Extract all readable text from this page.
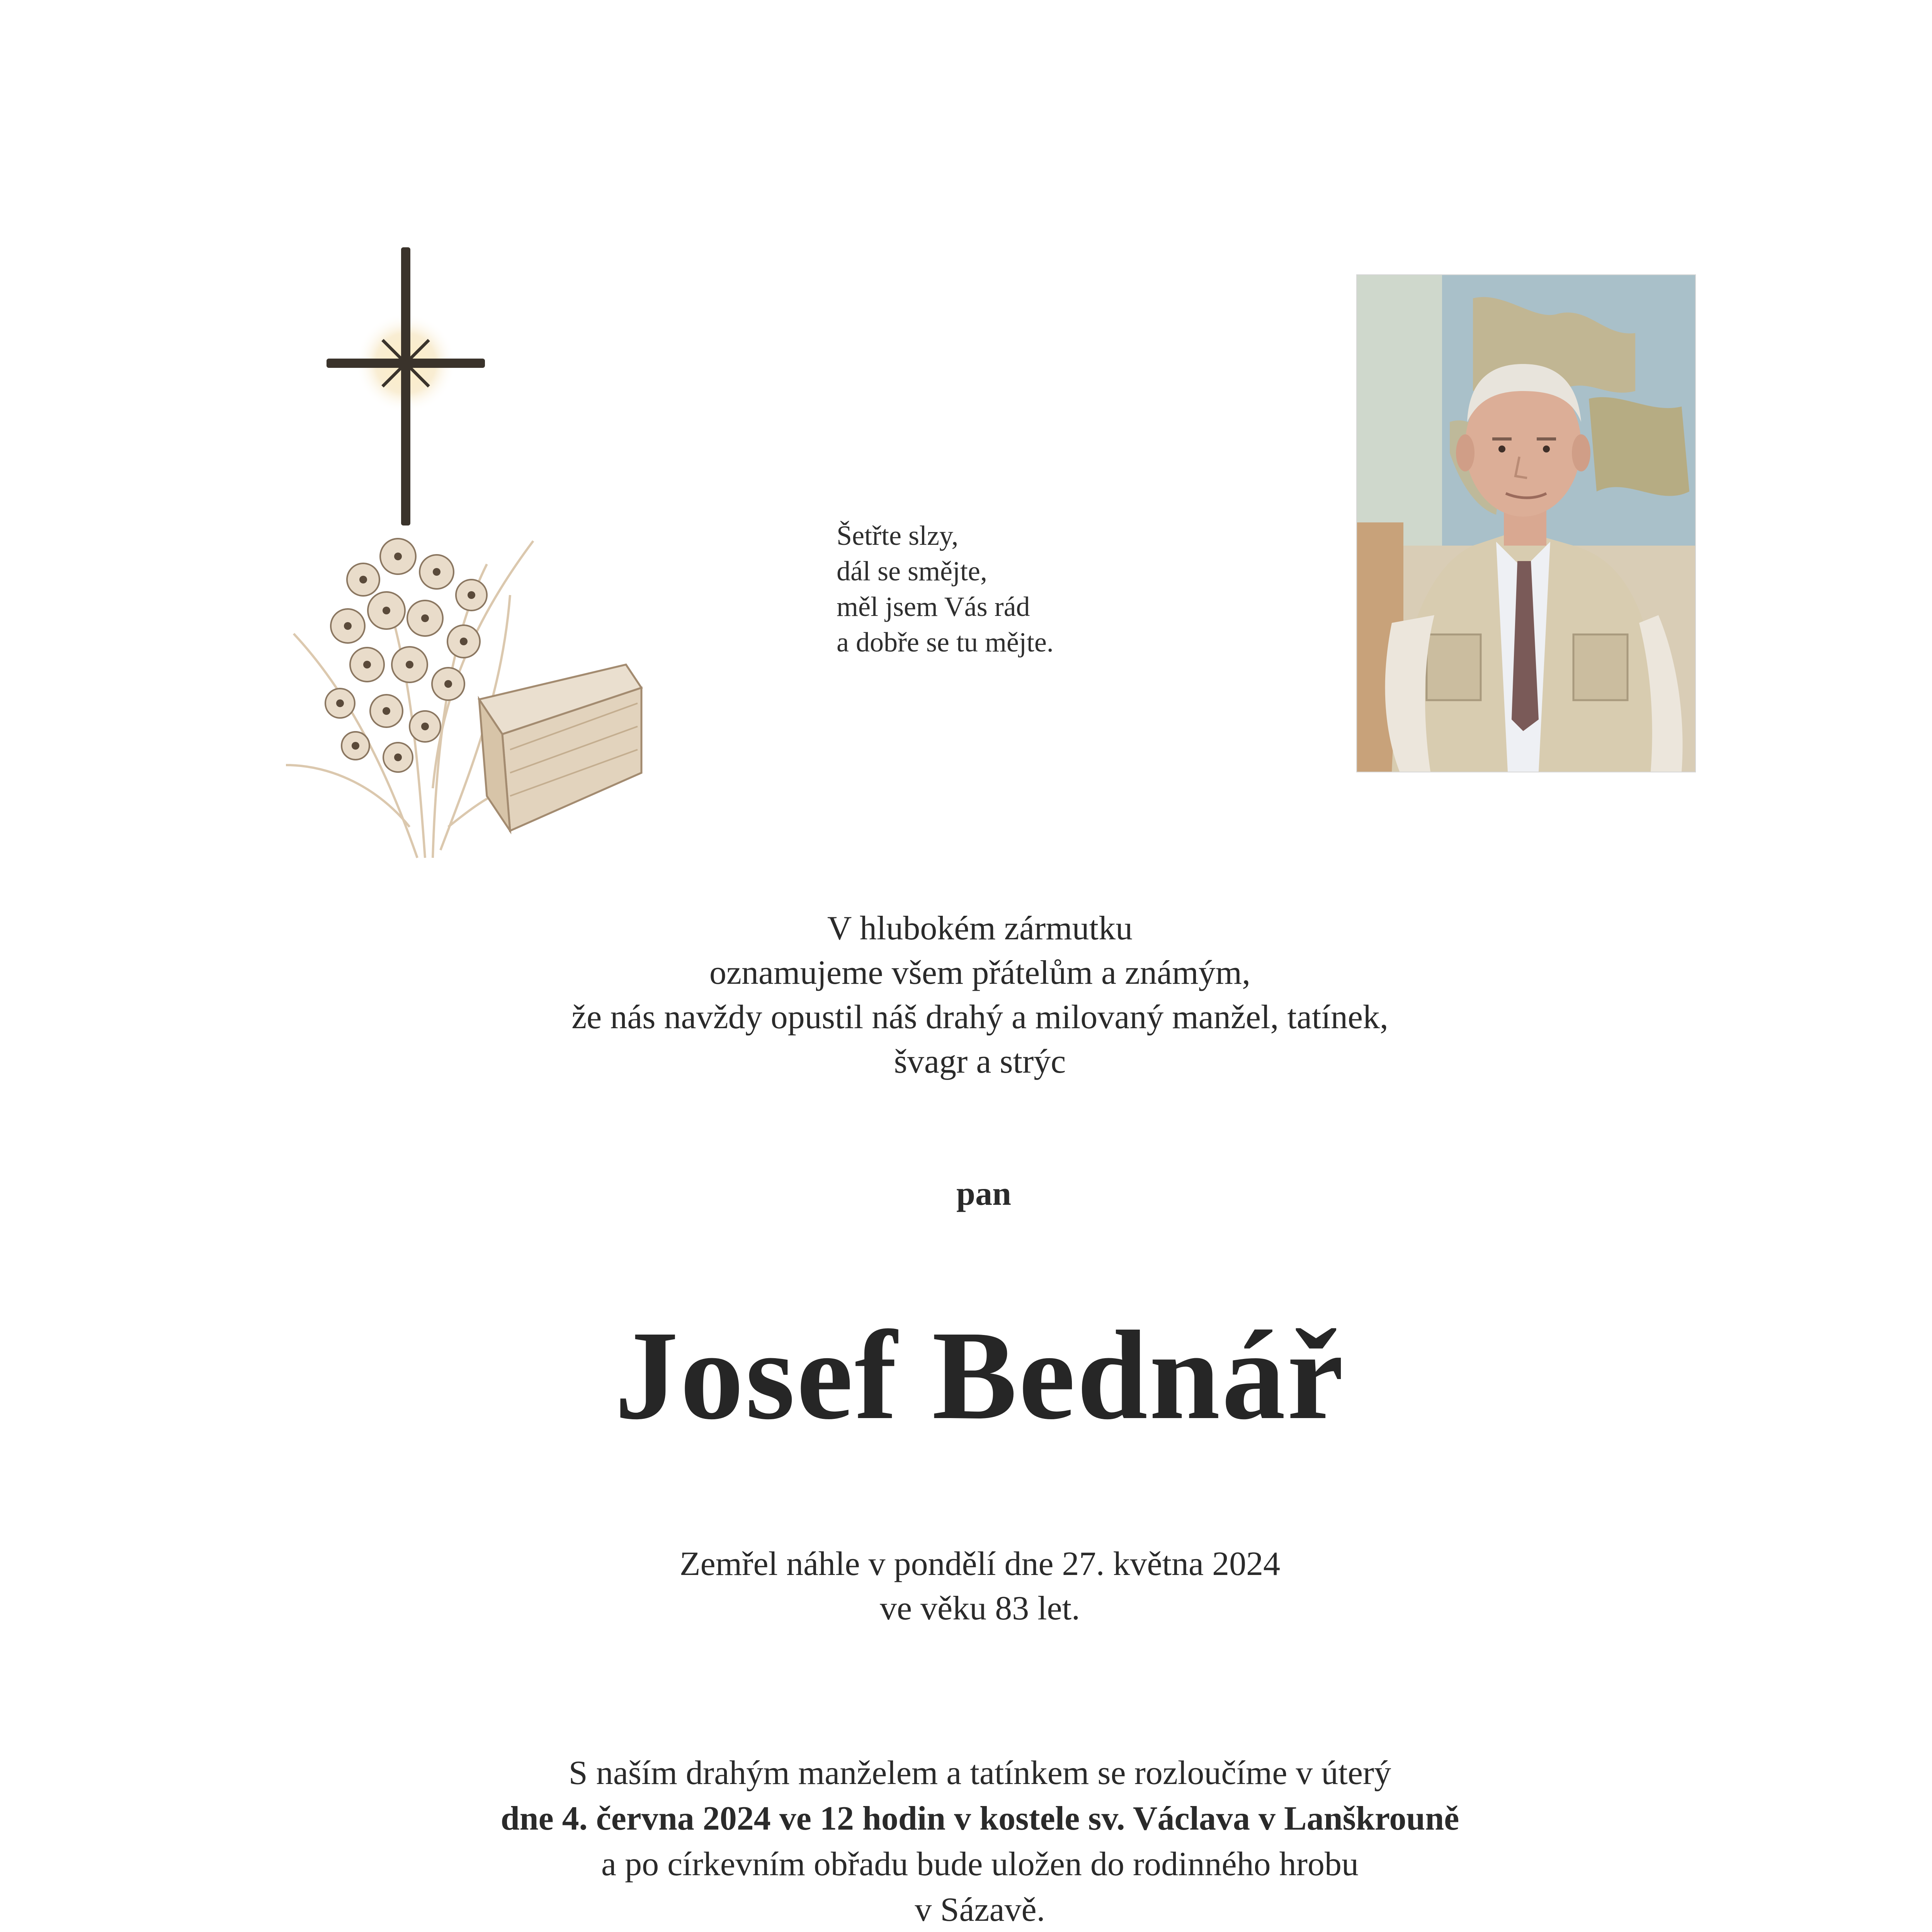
Šetřte slzy,
dál se smějte,
měl jsem Vás rád
a dobře se tu mějte.
V hlubokém zármutku
oznamujeme všem přátelům a známým,
že nás navždy opustil náš drahý a milovaný manžel, tatínek,
švagr a strýc
pan
Josef Bednář
Zemřel náhle v pondělí dne 27. května 2024
ve věku 83 let.
S naším drahým manželem a tatínkem se rozloučíme v úterý
dne 4. června 2024 ve 12 hodin v kostele sv. Václava v Lanškrouně
a po církevním obřadu bude uložen do rodinného hrobu
v Sázavě.
